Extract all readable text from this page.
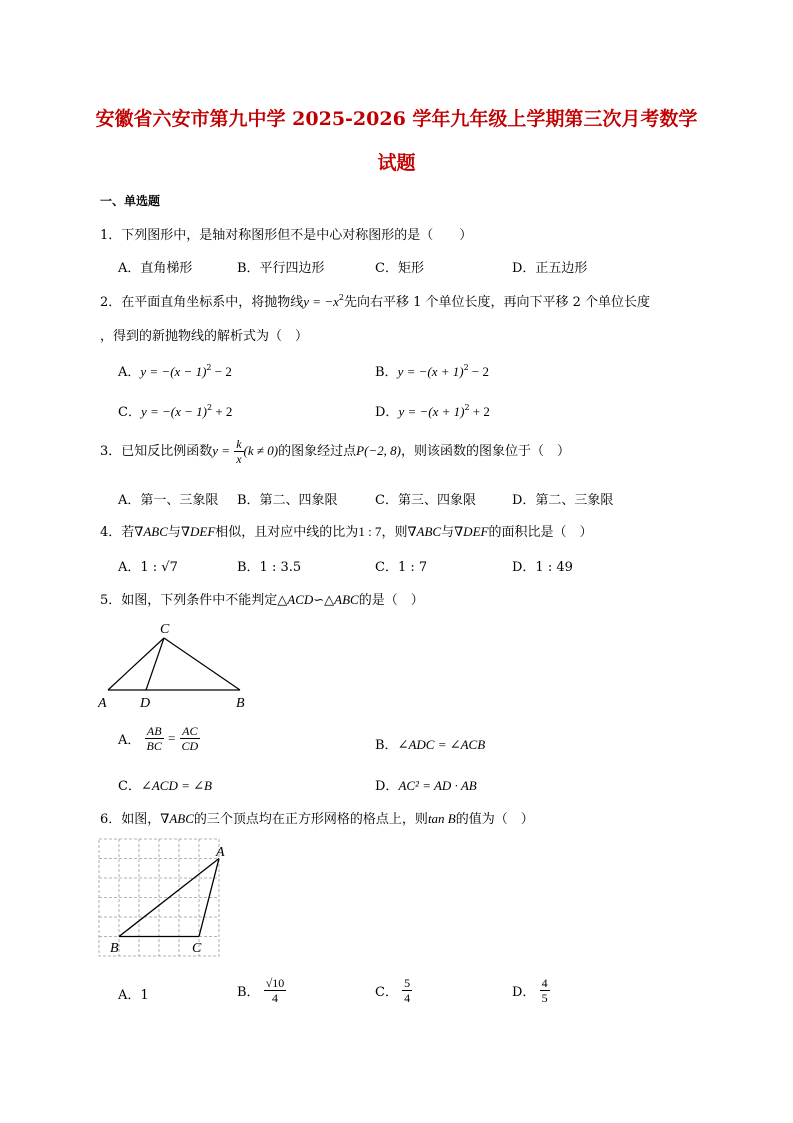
安徽省六安市第九中学 2025-2026 学年九年级上学期第三次月考数学
试题
一、单选题
1．下列图形中，是轴对称图形但不是中心对称图形的是（　　）
A．直角梯形	B．平行四边形	C．矩形	D．正五边形
2．在平面直角坐标系中，将抛物线$y = -x^2$先向右平移 1 个单位长度，再向下平移 2 个单位长度
，得到的新抛物线的解析式为（　）
A．$y = -(x - 1)^2 - 2$	B．$y = -(x + 1)^2 - 2$
C．$y = -(x - 1)^2 + 2$	D．$y = -(x + 1)^2 + 2$
3．已知反比例函数$y = \frac{k}{x} (k \ne 0)$的图象经过点P(−2, 8)，则该函数的图象位于（　）
A．第一、三象限 B．第二、四象限	C．第三、四象限	D．第二、三象限
4．若∇ABC与∇DEF相似，且对应中线的比为1 : 7，则∇ABC与∇DEF的面积比是（　）
A．1 : √7	B．1 : 3.5	C．1 : 7	D．1 : 49
5．如图，下列条件中不能判定△ACD∽△ABC的是（　）
C
A D	B
A． $\frac{AB}{BC} = \frac{AC}{CD}$	B．∠ADC = ∠ACB
C．∠ACD = ∠B	D．AC² = AD · AB
6．如图，∇ABC的三个顶点均在正方形网格的格点上，则tan B的值为（　）
A
B	C
A．1	B． $\frac{√10}{4}$	C． $\frac{5}{4}$	D． $\frac{4}{5}$
